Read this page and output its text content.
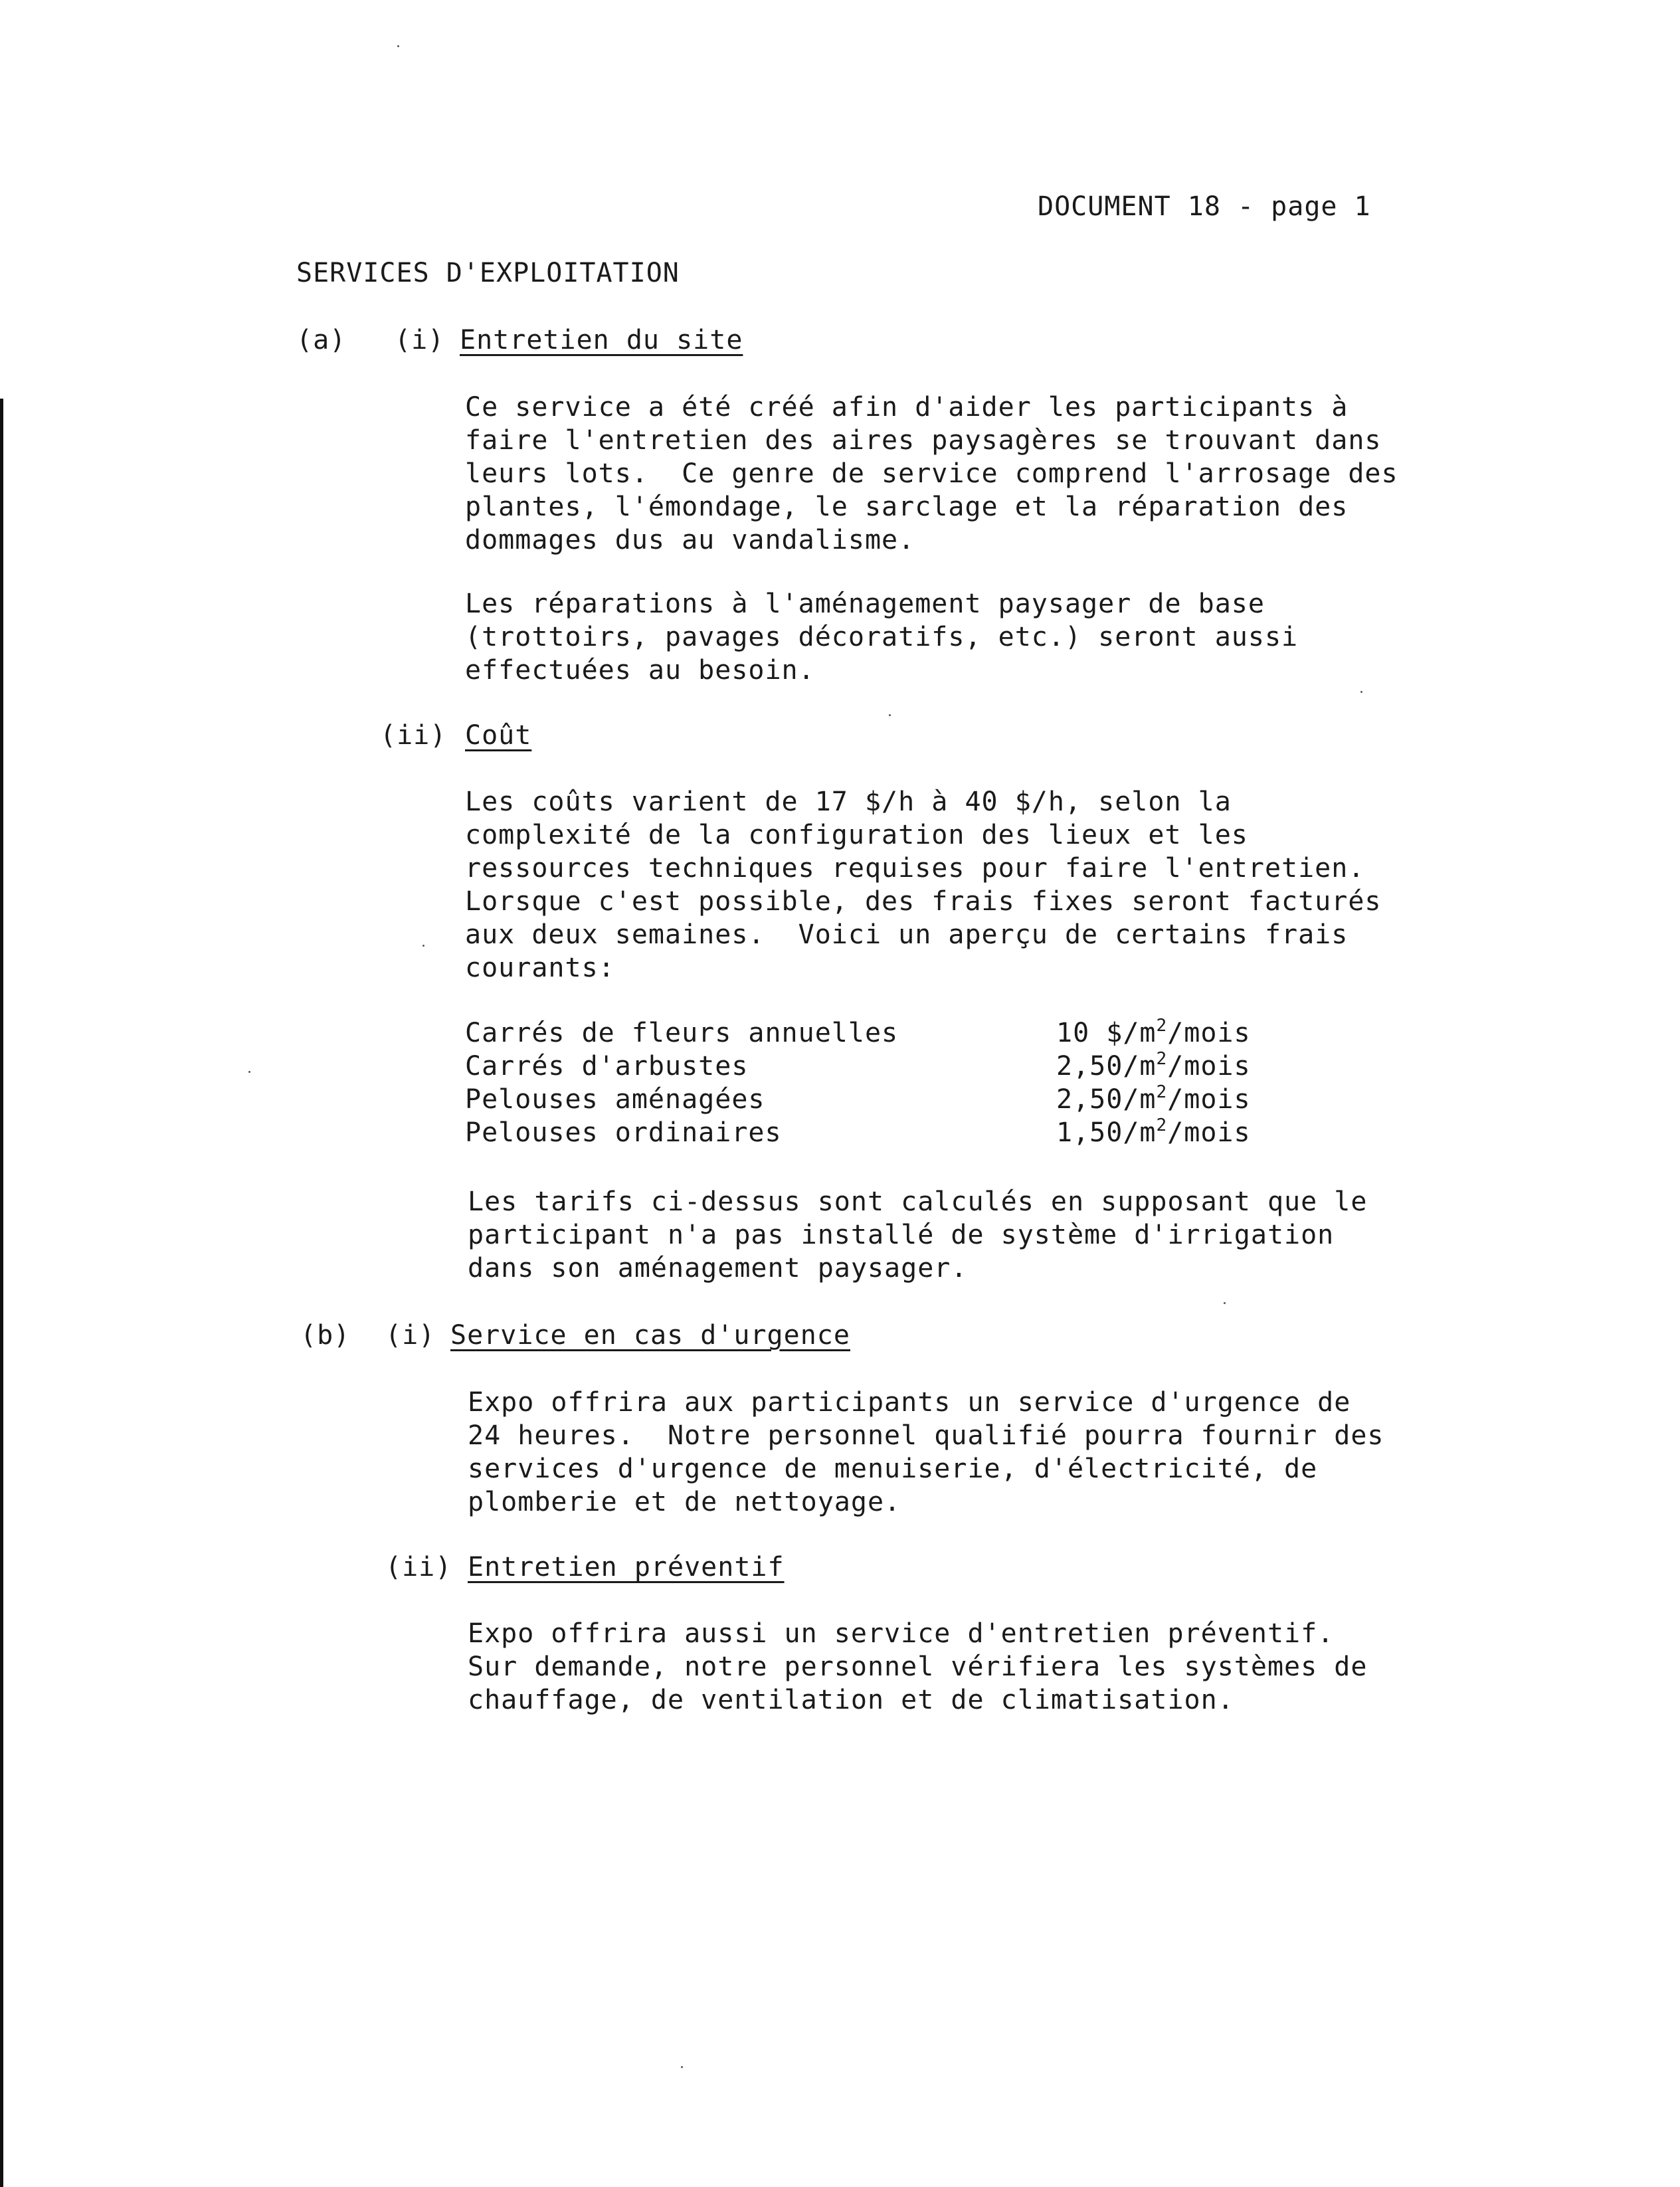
DOCUMENT 18 - page 1
SERVICES D'EXPLOITATION
(a) (i) Entretien du site
Ce service a été créé afin d'aider les participants à
faire l'entretien des aires paysagères se trouvant dans
leurs lots.  Ce genre de service comprend l'arrosage des
plantes, l'émondage, le sarclage et la réparation des
dommages dus au vandalisme.
Les réparations à l'aménagement paysager de base
(trottoirs, pavages décoratifs, etc.) seront aussi
effectuées au besoin.
(ii) Coût
Les coûts varient de 17 $/h à 40 $/h, selon la
complexité de la configuration des lieux et les
ressources techniques requises pour faire l'entretien.
Lorsque c'est possible, des frais fixes seront facturés
aux deux semaines.  Voici un aperçu de certains frais
courants:

Carrés de fleurs annuelles

	10 $\$/m^2$/mois

Carrés d'arbustes

	$2,50/m^2$/mois

Pelouses aménagées

	$2,50/m^2$/mois

Pelouses ordinaires

	$1,50/m^2$/mois

Les tarifs ci-dessus sont calculés en supposant que le
participant n'a pas installé de système d'irrigation
dans son aménagement paysager.
(b) (i) Service en cas d'urgence
Expo offrira aux participants un service d'urgence de
24 heures.  Notre personnel qualifié pourra fournir des
services d'urgence de menuiserie, d'électricité, de
plomberie et de nettoyage.
(ii) Entretien préventif
Expo offrira aussi un service d'entretien préventif.
Sur demande, notre personnel vérifiera les systèmes de
chauffage, de ventilation et de climatisation.
